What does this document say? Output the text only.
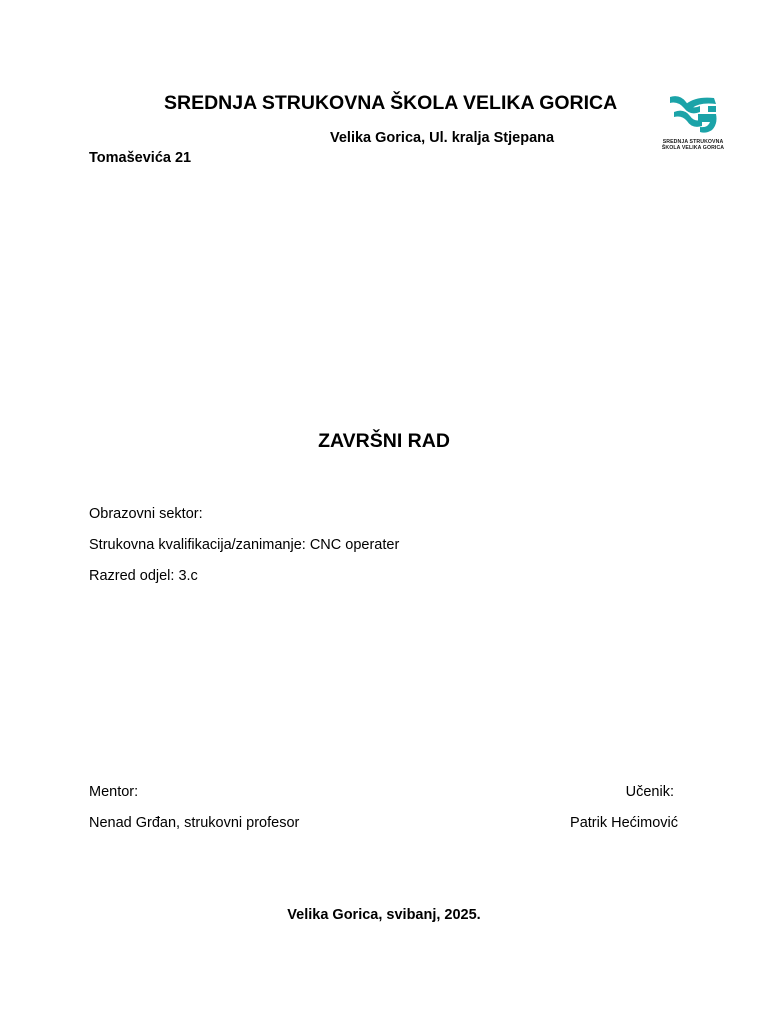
SREDNJA STRUKOVNA ŠKOLA VELIKA GORICA
SREDNJA STRUKOVNA
ŠKOLA VELIKA GORICA
Velika Gorica, Ul. kralja Stjepana
Tomaševića 21
ZAVRŠNI RAD
Obrazovni sektor:
Strukovna kvalifikacija/zanimanje: CNC operater
Razred odjel: 3.c
Mentor:
Nenad Grđan, strukovni profesor
Učenik:
Patrik Hećimović
Velika Gorica, svibanj, 2025.
